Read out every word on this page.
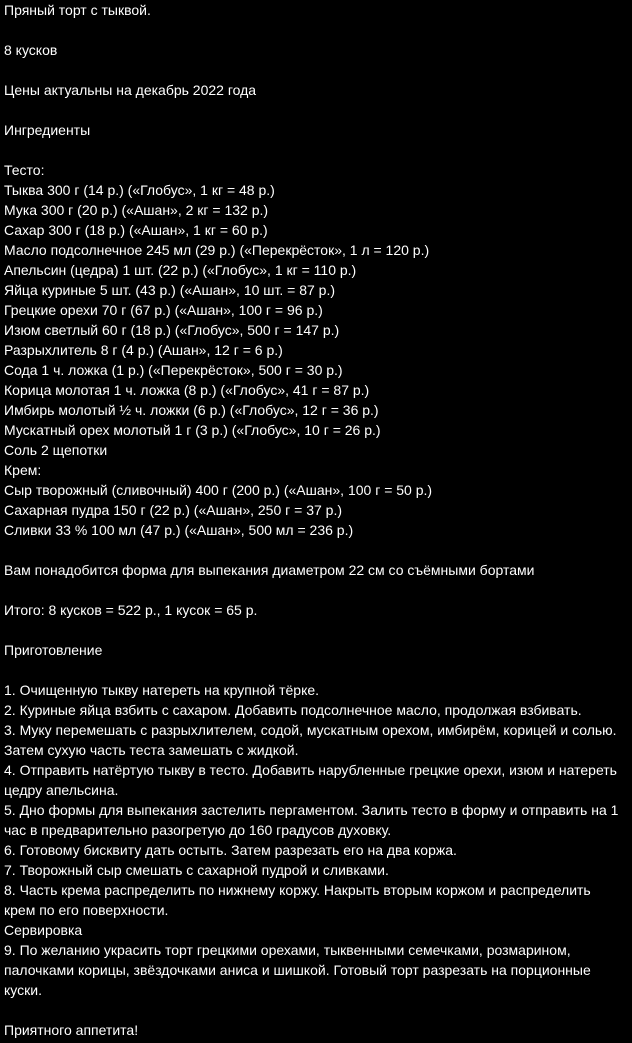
Пряный торт с тыквой.
8 кусков
Цены актуальны на декабрь 2022 года
Ингредиенты
Тесто:
Тыква 300 г (14 р.) («Глобус», 1 кг = 48 р.)
Мука 300 г (20 р.) («Ашан», 2 кг = 132 р.)
Сахар 300 г (18 р.) («Ашан», 1 кг = 60 р.)
Масло подсолнечное 245 мл (29 р.) («Перекрёсток», 1 л = 120 р.)
Апельсин (цедра) 1 шт. (22 р.) («Глобус», 1 кг = 110 р.)
Яйца куриные 5 шт. (43 р.) («Ашан», 10 шт. = 87 р.)
Грецкие орехи 70 г (67 р.) («Ашан», 100 г = 96 р.)
Изюм светлый 60 г (18 р.) («Глобус», 500 г = 147 р.)
Разрыхлитель 8 г (4 р.) (Ашан», 12 г = 6 р.)
Сода 1 ч. ложка (1 р.) («Перекрёсток», 500 г = 30 р.)
Корица молотая 1 ч. ложка (8 р.) («Глобус», 41 г = 87 р.)
Имбирь молотый ½ ч. ложки (6 р.) («Глобус», 12 г = 36 р.)
Мускатный орех молотый 1 г (3 р.) («Глобус», 10 г = 26 р.)
Соль 2 щепотки
Крем:
Сыр творожный (сливочный) 400 г (200 р.) («Ашан», 100 г = 50 р.)
Сахарная пудра 150 г (22 р.) («Ашан», 250 г = 37 р.)
Сливки 33 % 100 мл (47 р.) («Ашан», 500 мл = 236 р.)
Вам понадобится форма для выпекания диаметром 22 см со съёмными бортами
Итого: 8 кусков = 522 р., 1 кусок = 65 р.
Приготовление
1. Очищенную тыкву натереть на крупной тёрке.
2. Куриные яйца взбить с сахаром. Добавить подсолнечное масло, продолжая взбивать.
3. Муку перемешать с разрыхлителем, содой, мускатным орехом, имбирём, корицей и солью. Затем сухую часть теста замешать с жидкой.
4. Отправить натёртую тыкву в тесто. Добавить нарубленные грецкие орехи, изюм и натереть цедру апельсина.
5. Дно формы для выпекания застелить пергаментом. Залить тесто в форму и отправить на 1 час в предварительно разогретую до 160 градусов духовку.
6. Готовому бисквиту дать остыть. Затем разрезать его на два коржа.
7. Творожный сыр смешать с сахарной пудрой и сливками.
8. Часть крема распределить по нижнему коржу. Накрыть вторым коржом и распределить крем по его поверхности.
Сервировка
9. По желанию украсить торт грецкими орехами, тыквенными семечками, розмарином, палочками корицы, звёздочками аниса и шишкой. Готовый торт разрезать на порционные куски.
Приятного аппетита!
